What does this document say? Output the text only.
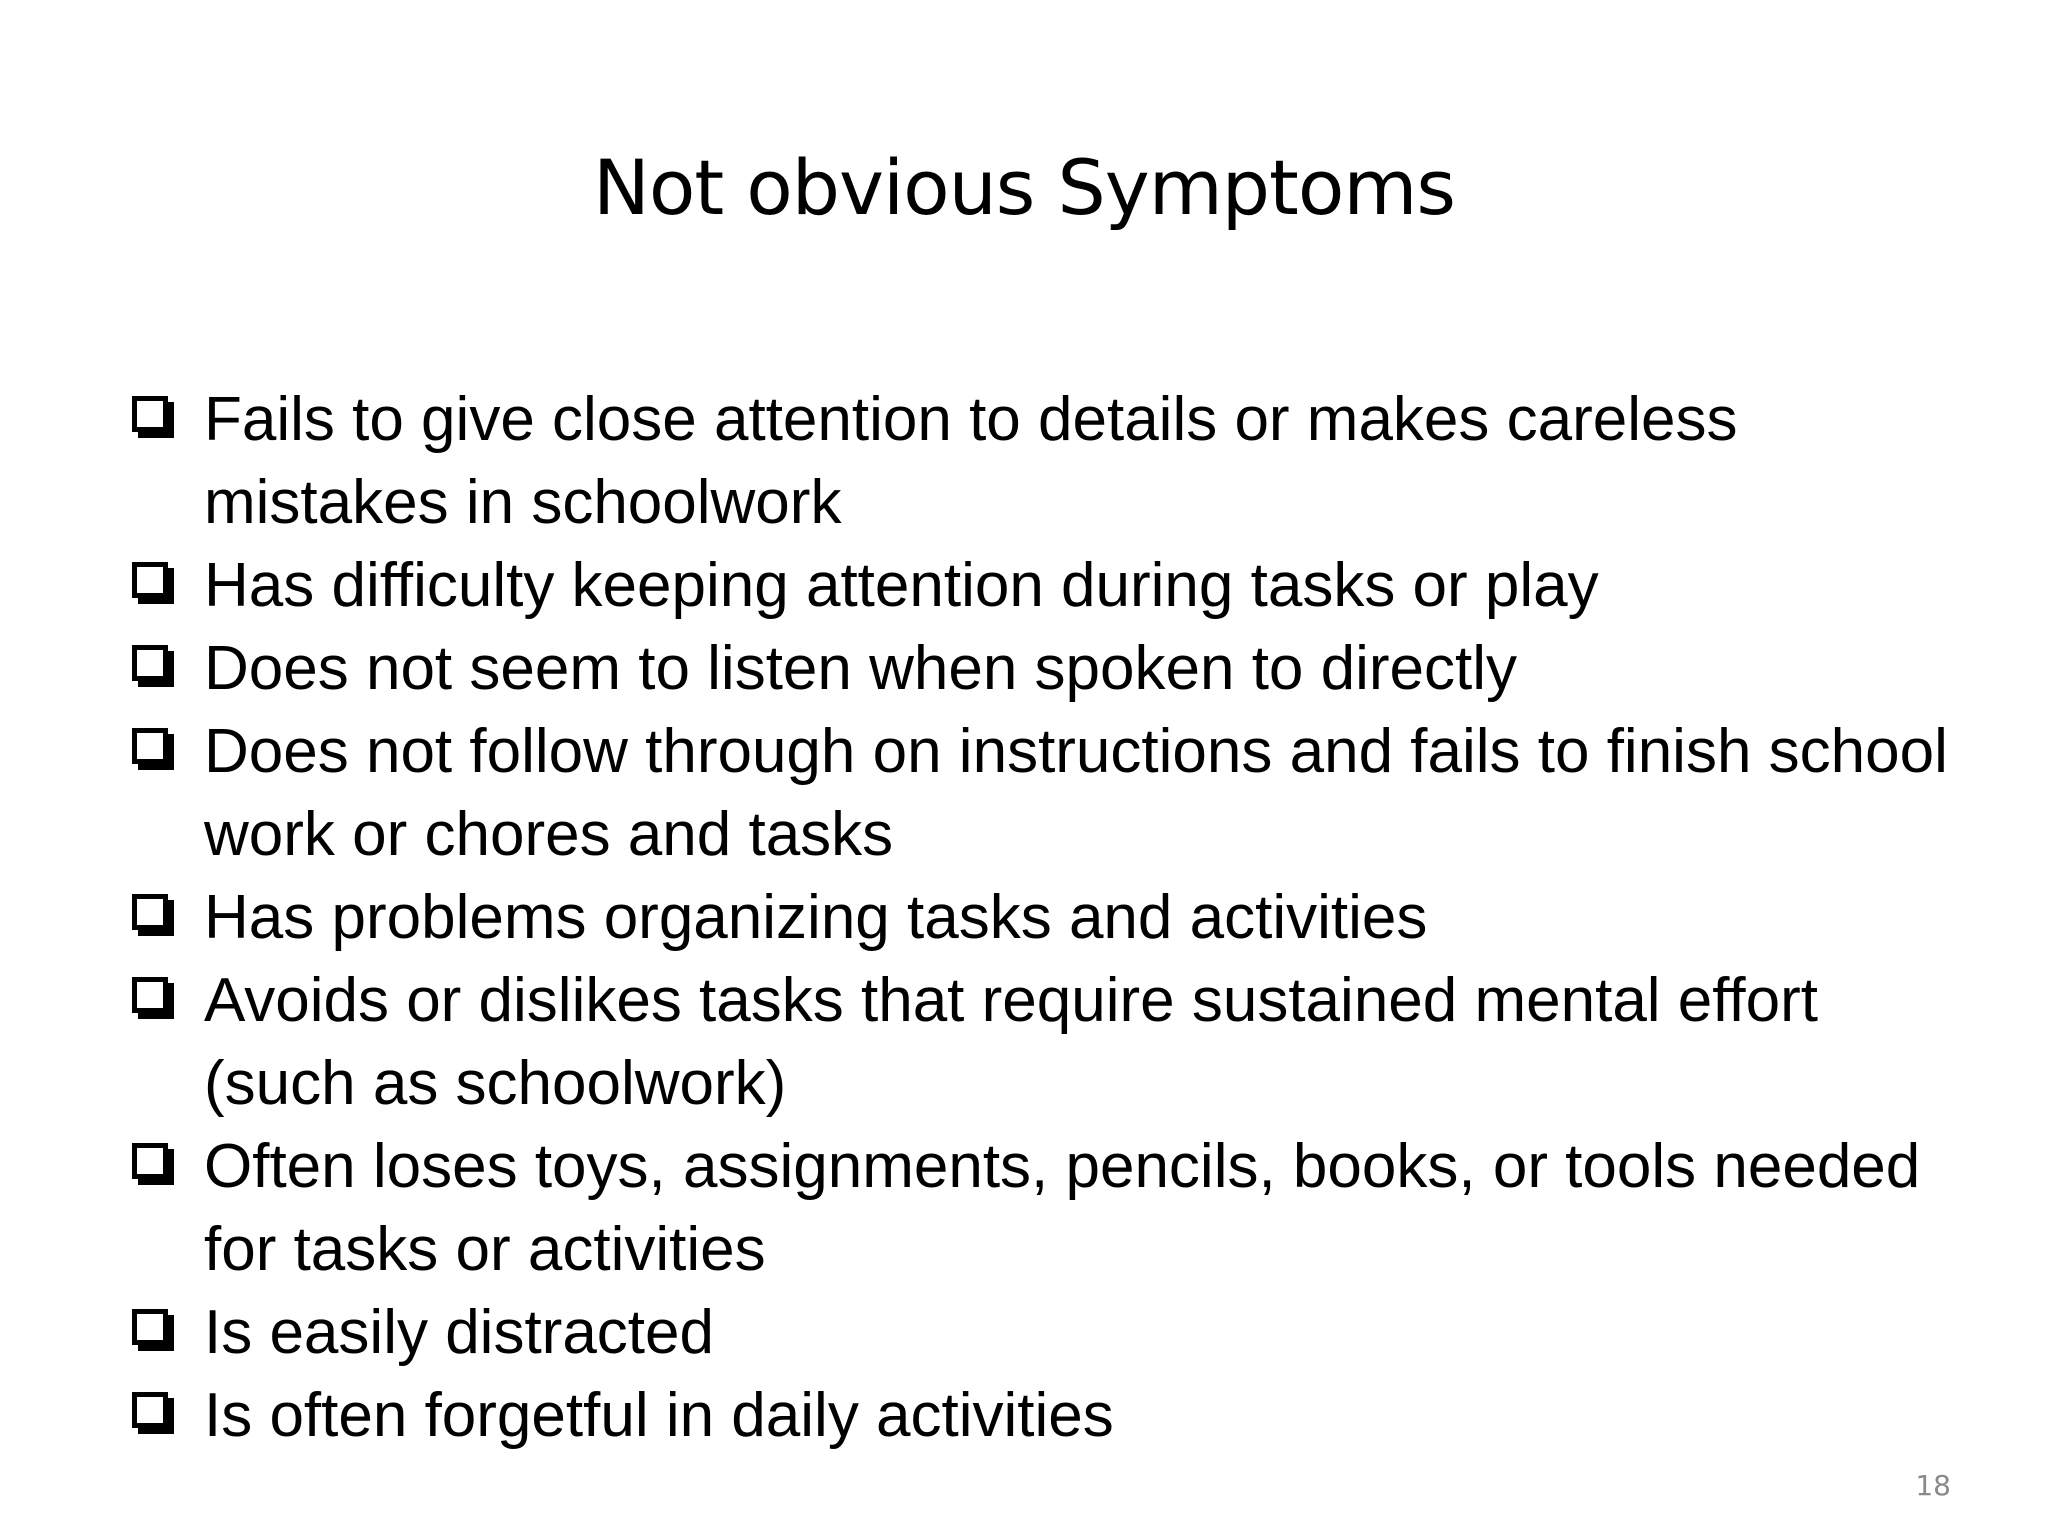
Not obvious Symptoms
Fails to give close attention to details or makes careless mistakes in schoolwork
Has difficulty keeping attention during tasks or play
Does not seem to listen when spoken to directly
Does not follow through on instructions and fails to finish school work or chores and tasks
Has problems organizing tasks and activities
Avoids or dislikes tasks that require sustained mental effort (such as schoolwork)
Often loses toys, assignments, pencils, books, or tools needed for tasks or activities
Is easily distracted
Is often forgetful in daily activities
18
